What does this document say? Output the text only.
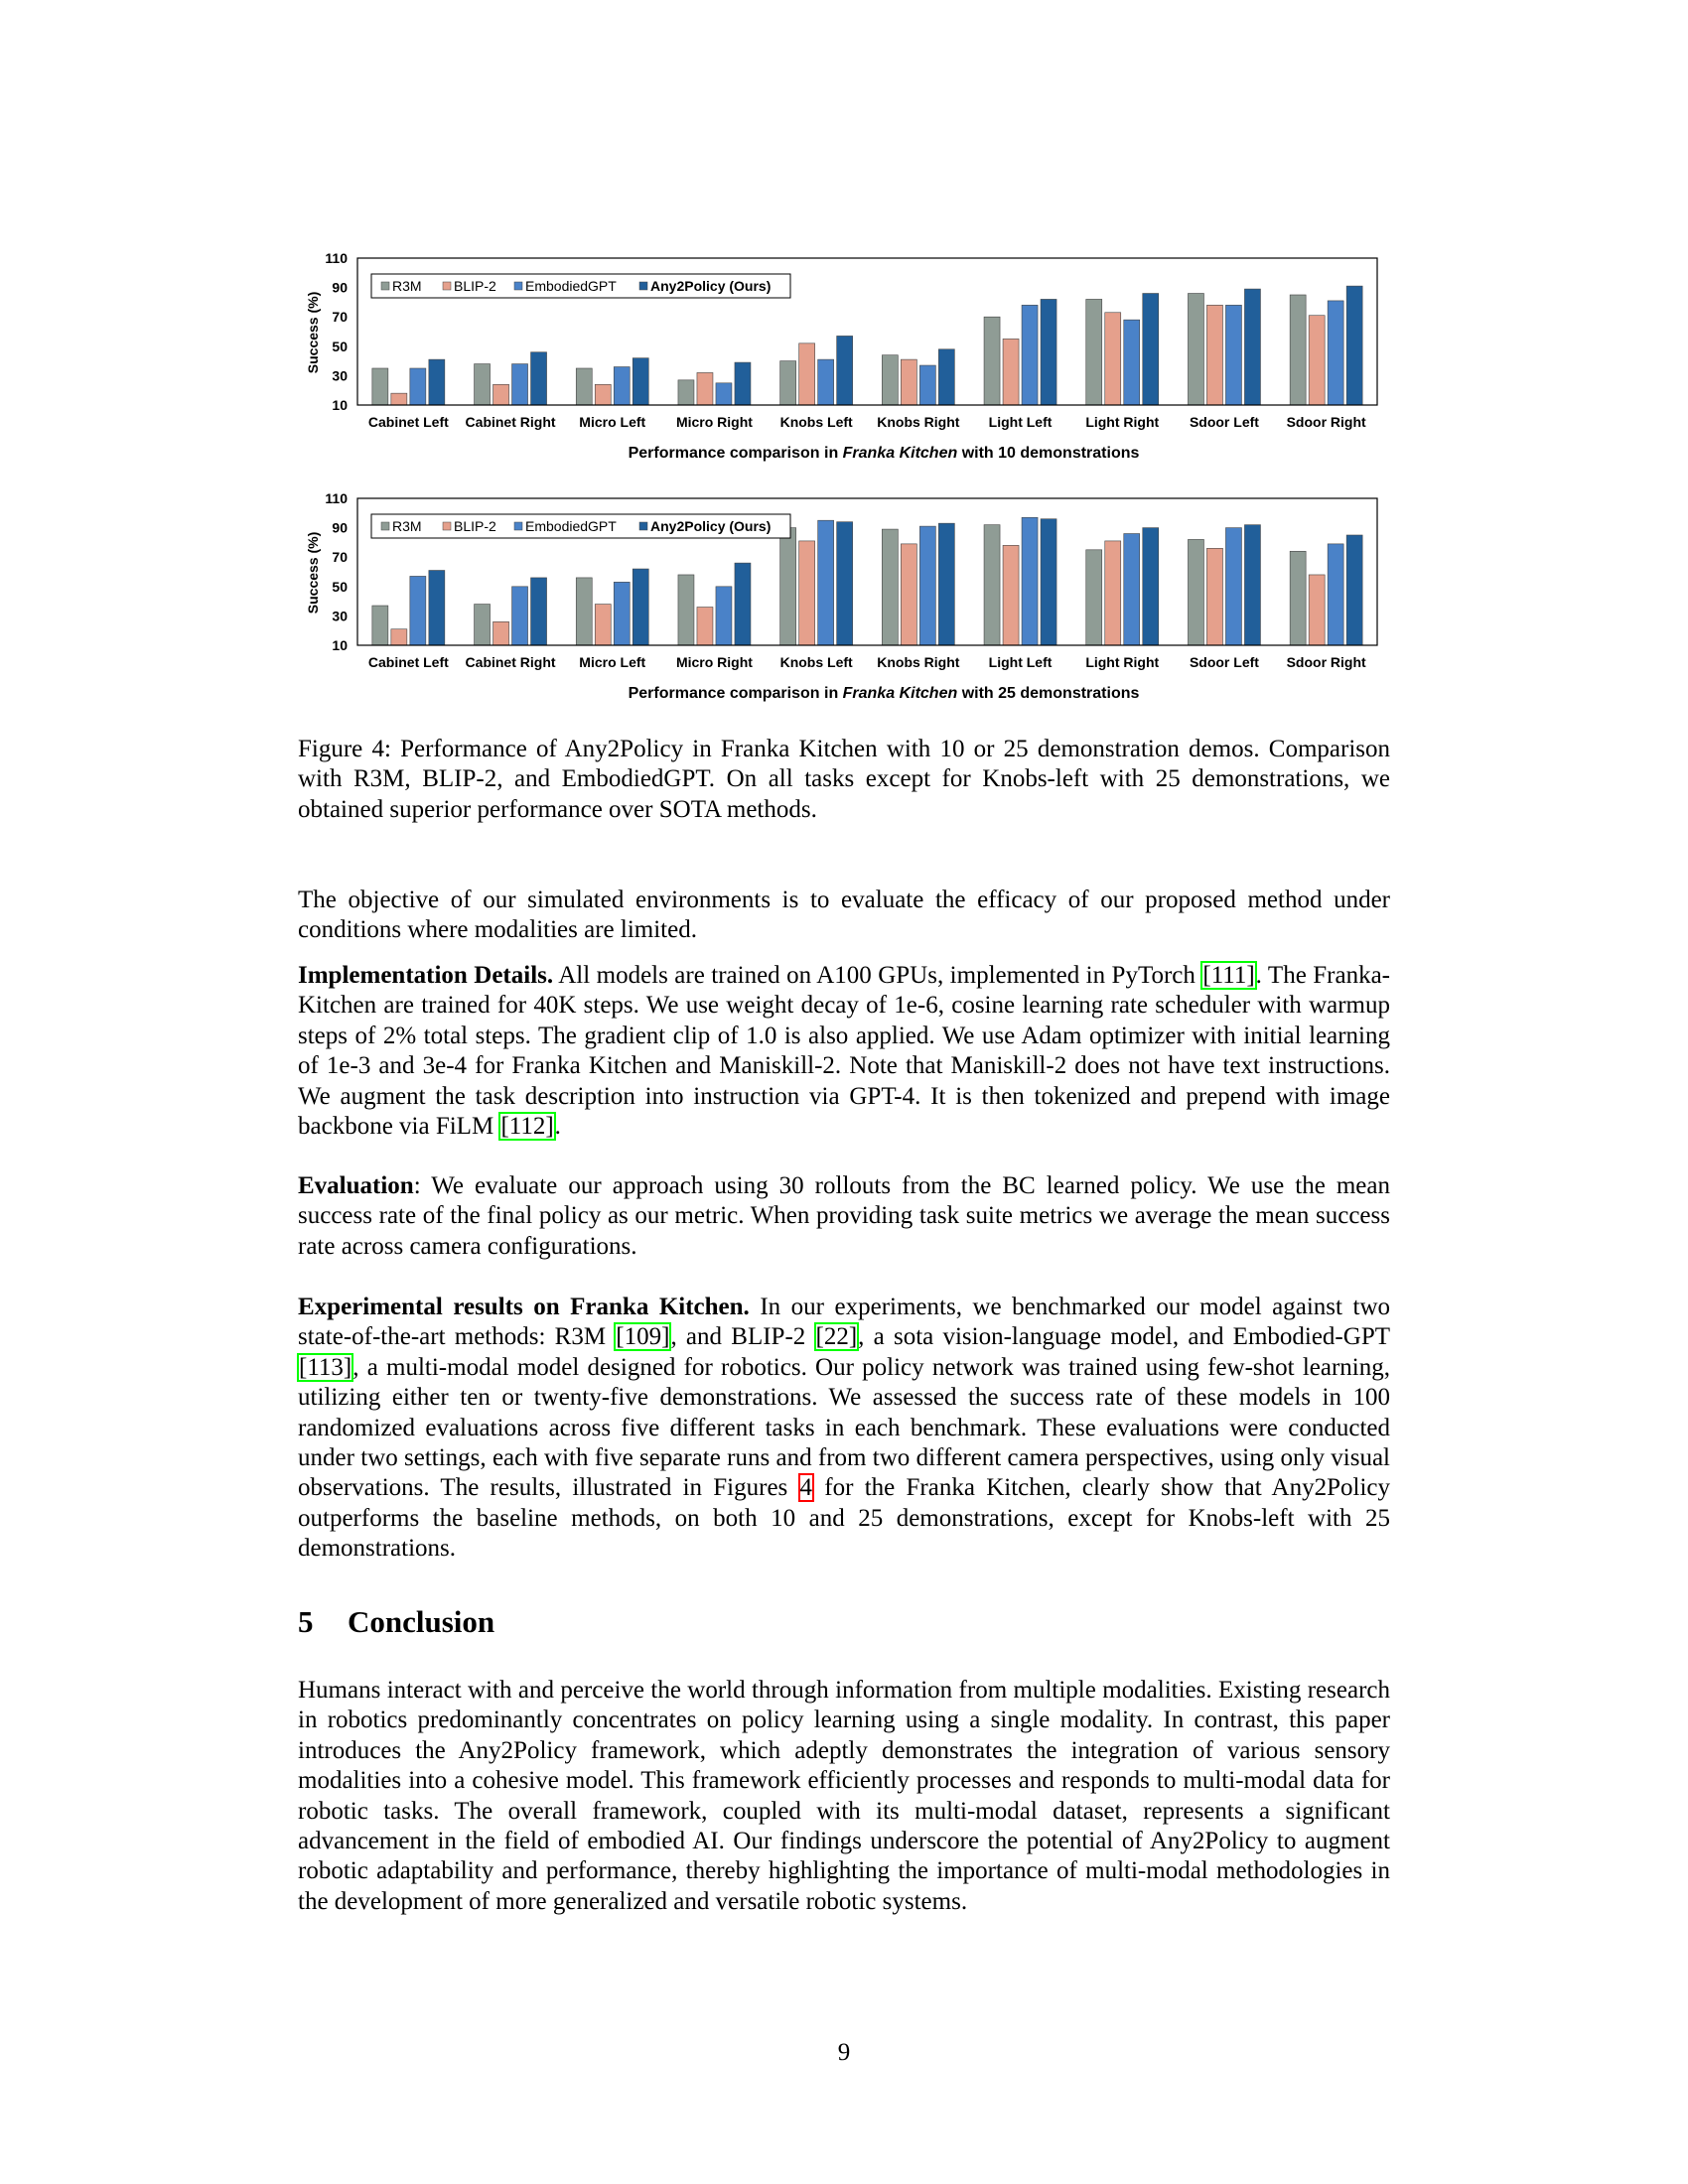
Success (%)
10
30
50
70
90
110
Cabinet Left Cabinet Right Micro Left Micro Right Knobs Left Knobs Right Light Left Light Right Sdoor Left Sdoor Right
R3M BLIP-2 EmbodiedGPT Any2Policy (Ours)
Performance comparison in Franka Kitchen with 10 demonstrations
Success (%)
10
30
50
70
90
110
Cabinet Left Cabinet Right Micro Left Micro Right Knobs Left Knobs Right Light Left Light Right Sdoor Left Sdoor Right
R3M BLIP-2 EmbodiedGPT Any2Policy (Ours)
Performance comparison in Franka Kitchen with 25 demonstrations
Figure 4: Performance of Any2Policy in Franka Kitchen with 10 or 25 demonstration demos. Comparison with R3M, BLIP-2, and EmbodiedGPT. On all tasks except for Knobs-left with 25 demonstrations, we obtained superior performance over SOTA methods.
The objective of our simulated environments is to evaluate the efficacy of our proposed method under conditions where modalities are limited.
Implementation Details. All models are trained on A100 GPUs, implemented in PyTorch [111]. The Franka-Kitchen are trained for 40K steps. We use weight decay of 1e-6, cosine learning rate scheduler with warmup steps of 2% total steps. The gradient clip of 1.0 is also applied. We use Adam optimizer with initial learning of 1e-3 and 3e-4 for Franka Kitchen and Maniskill-2. Note that Maniskill-2 does not have text instructions. We augment the task description into instruction via GPT-4. It is then tokenized and prepend with image backbone via FiLM [112].
Evaluation: We evaluate our approach using 30 rollouts from the BC learned policy. We use the mean success rate of the final policy as our metric. When providing task suite metrics we average the mean success rate across camera configurations.
Experimental results on Franka Kitchen. In our experiments, we benchmarked our model against two state-of-the-art methods: R3M [109], and BLIP-2 [22], a sota vision-language model, and Embodied-GPT [113], a multi-modal model designed for robotics. Our policy network was trained using few-shot learning, utilizing either ten or twenty-five demonstrations. We assessed the success rate of these models in 100 randomized evaluations across five different tasks in each benchmark. These evaluations were conducted under two settings, each with five separate runs and from two different camera perspectives, using only visual observations. The results, illustrated in Figures 4 for the Franka Kitchen, clearly show that Any2Policy outperforms the baseline methods, on both 10 and 25 demonstrations, except for Knobs-left with 25 demonstrations.
5 Conclusion
Humans interact with and perceive the world through information from multiple modalities. Existing research in robotics predominantly concentrates on policy learning using a single modality. In contrast, this paper introduces the Any2Policy framework, which adeptly demonstrates the integration of various sensory modalities into a cohesive model. This framework efficiently processes and responds to multi-modal data for robotic tasks. The overall framework, coupled with its multi-modal dataset, represents a significant advancement in the field of embodied AI. Our findings underscore the potential of Any2Policy to augment robotic adaptability and performance, thereby highlighting the importance of multi-modal methodologies in the development of more generalized and versatile robotic systems.
9
